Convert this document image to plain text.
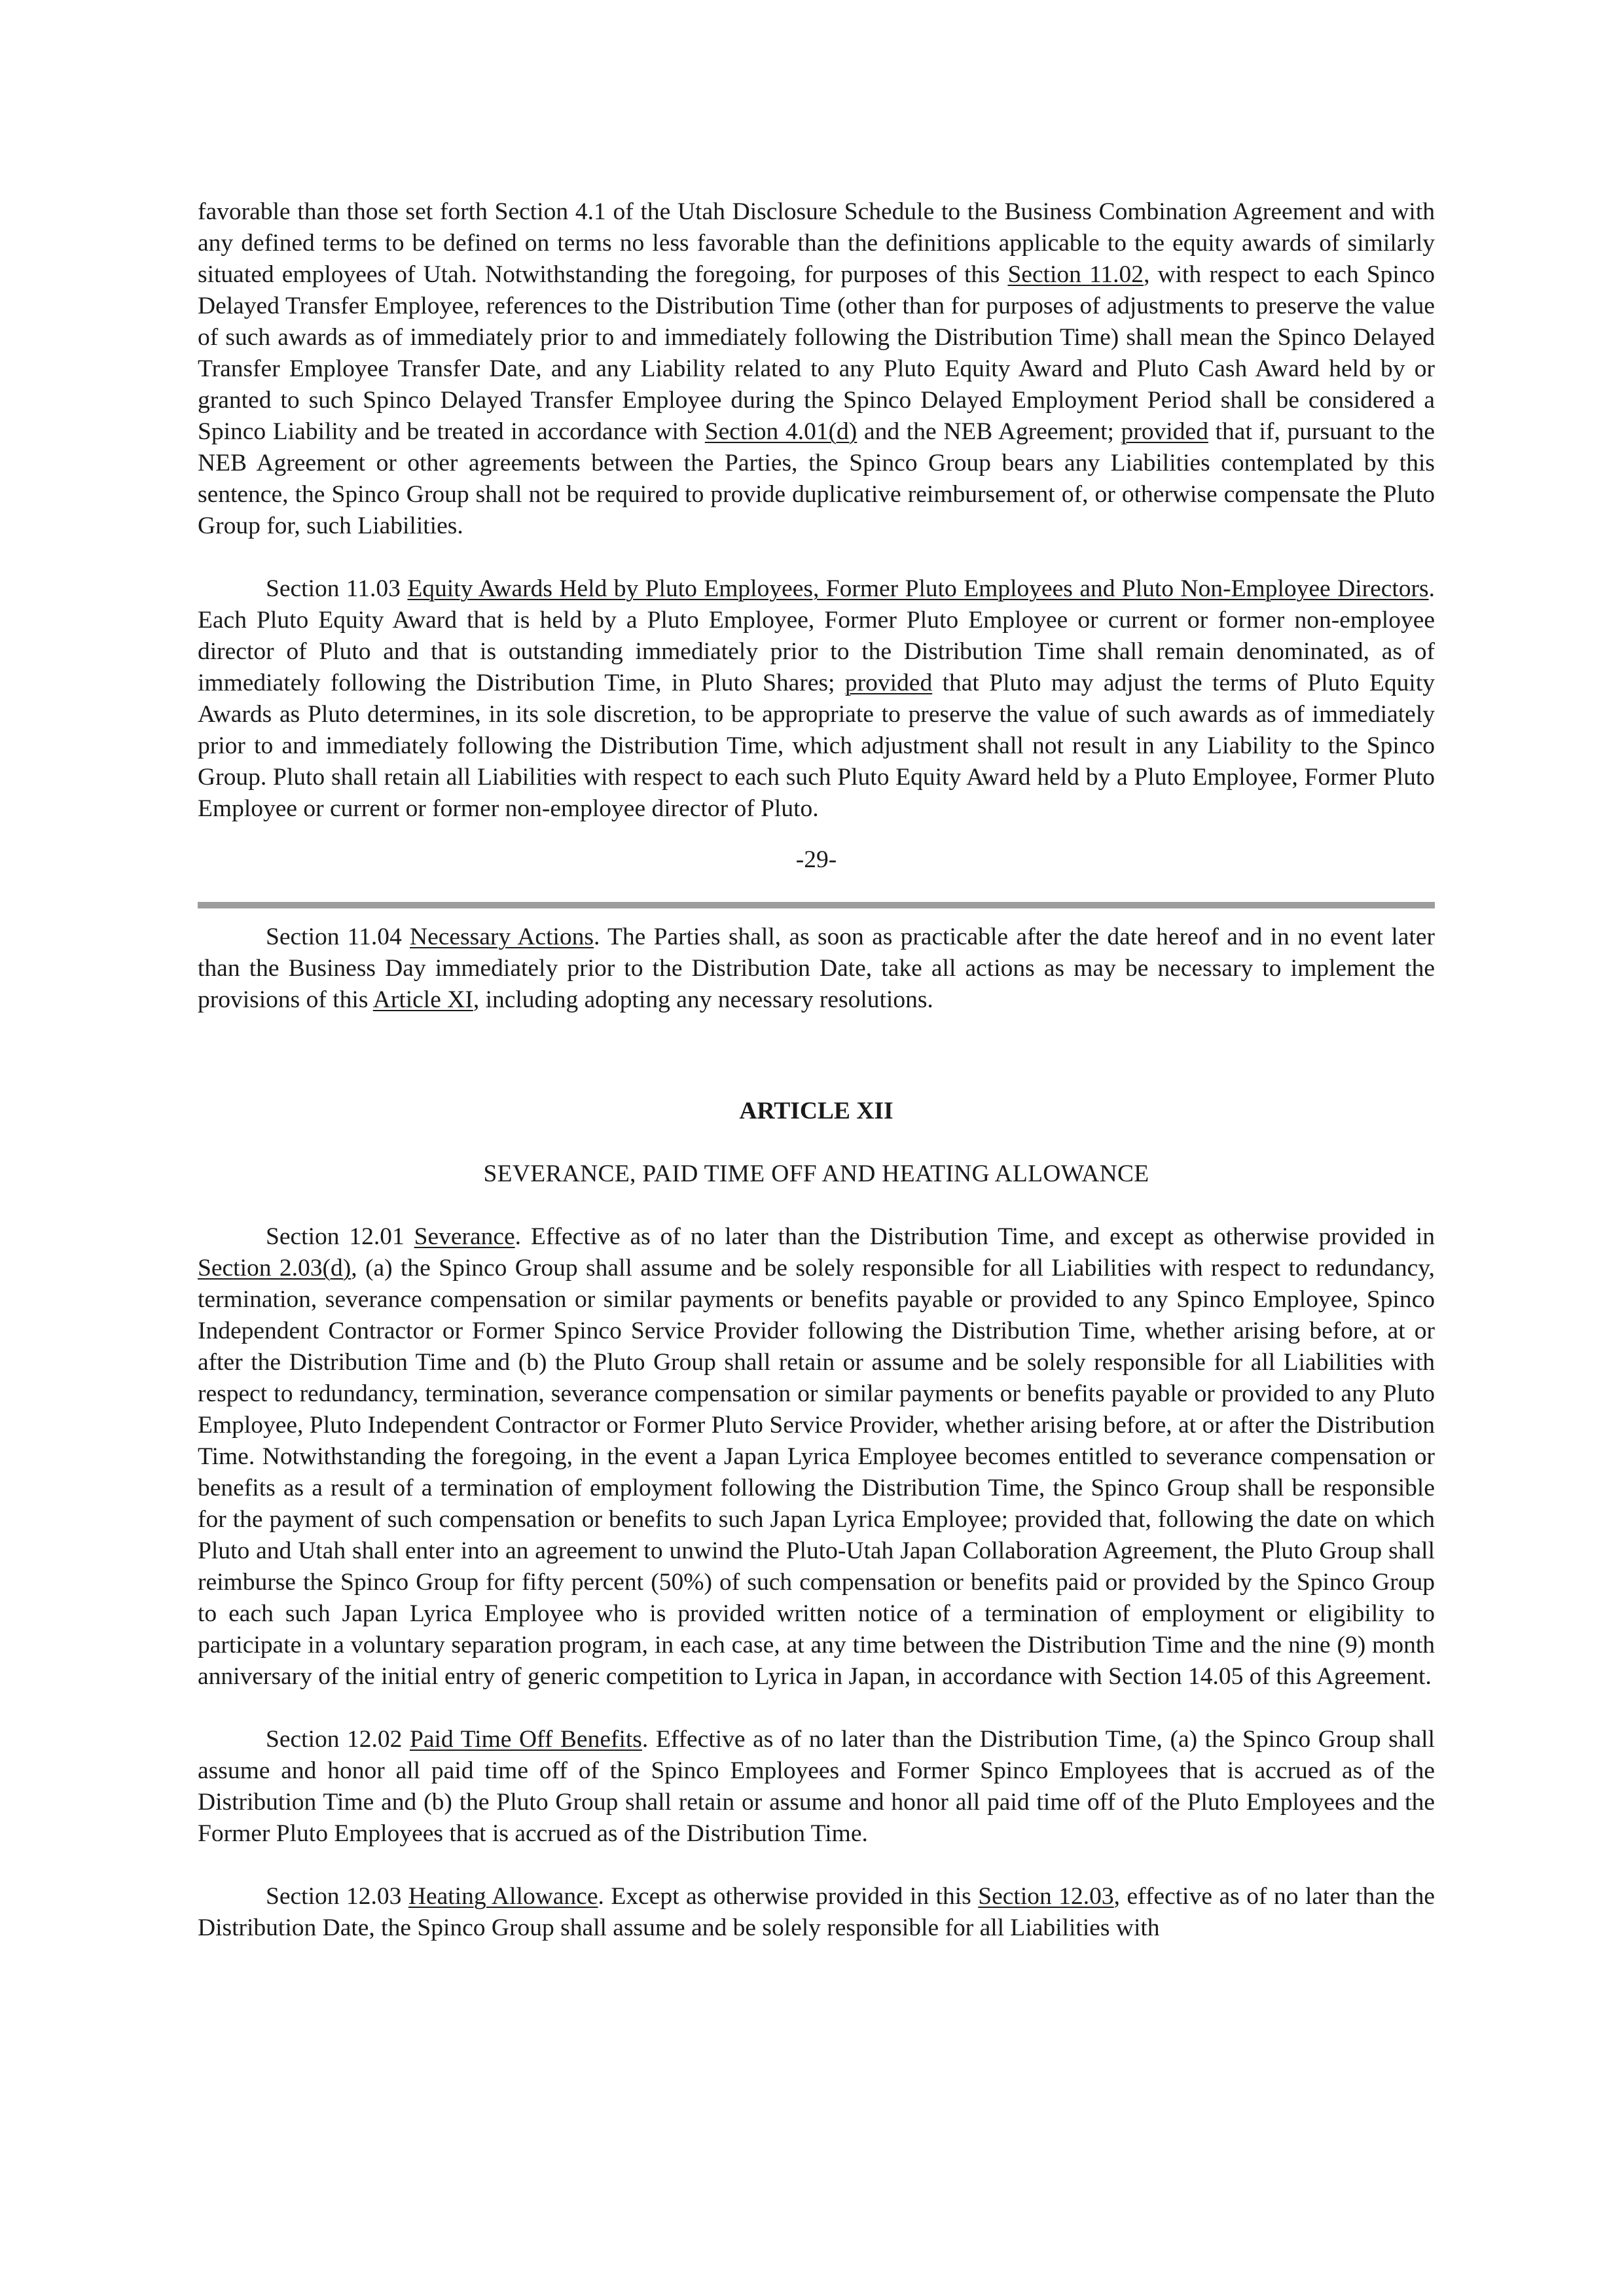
favorable than those set forth Section 4.1 of the Utah Disclosure Schedule to the Business Combination Agreement and with any defined terms to be defined on terms no less favorable than the definitions applicable to the equity awards of similarly situated employees of Utah. Notwithstanding the foregoing, for purposes of this Section 11.02, with respect to each Spinco Delayed Transfer Employee, references to the Distribution Time (other than for purposes of adjustments to preserve the value of such awards as of immediately prior to and immediately following the Distribution Time) shall mean the Spinco Delayed Transfer Employee Transfer Date, and any Liability related to any Pluto Equity Award and Pluto Cash Award held by or granted to such Spinco Delayed Transfer Employee during the Spinco Delayed Employment Period shall be considered a Spinco Liability and be treated in accordance with Section 4.01(d) and the NEB Agreement; provided that if, pursuant to the NEB Agreement or other agreements between the Parties, the Spinco Group bears any Liabilities contemplated by this sentence, the Spinco Group shall not be required to provide duplicative reimbursement of, or otherwise compensate the Pluto Group for, such Liabilities.

Section 11.03 Equity Awards Held by Pluto Employees, Former Pluto Employees and Pluto Non-Employee Directors. Each Pluto Equity Award that is held by a Pluto Employee, Former Pluto Employee or current or former non-employee director of Pluto and that is outstanding immediately prior to the Distribution Time shall remain denominated, as of immediately following the Distribution Time, in Pluto Shares; provided that Pluto may adjust the terms of Pluto Equity Awards as Pluto determines, in its sole discretion, to be appropriate to preserve the value of such awards as of immediately prior to and immediately following the Distribution Time, which adjustment shall not result in any Liability to the Spinco Group. Pluto shall retain all Liabilities with respect to each such Pluto Equity Award held by a Pluto Employee, Former Pluto Employee or current or former non-employee director of Pluto.

-29-

Section 11.04 Necessary Actions. The Parties shall, as soon as practicable after the date hereof and in no event later than the Business Day immediately prior to the Distribution Date, take all actions as may be necessary to implement the provisions of this Article XI, including adopting any necessary resolutions.

ARTICLE XII

SEVERANCE, PAID TIME OFF AND HEATING ALLOWANCE

Section 12.01 Severance. Effective as of no later than the Distribution Time, and except as otherwise provided in Section 2.03(d), (a) the Spinco Group shall assume and be solely responsible for all Liabilities with respect to redundancy, termination, severance compensation or similar payments or benefits payable or provided to any Spinco Employee, Spinco Independent Contractor or Former Spinco Service Provider following the Distribution Time, whether arising before, at or after the Distribution Time and (b) the Pluto Group shall retain or assume and be solely responsible for all Liabilities with respect to redundancy, termination, severance compensation or similar payments or benefits payable or provided to any Pluto Employee, Pluto Independent Contractor or Former Pluto Service Provider, whether arising before, at or after the Distribution Time. Notwithstanding the foregoing, in the event a Japan Lyrica Employee becomes entitled to severance compensation or benefits as a result of a termination of employment following the Distribution Time, the Spinco Group shall be responsible for the payment of such compensation or benefits to such Japan Lyrica Employee; provided that, following the date on which Pluto and Utah shall enter into an agreement to unwind the Pluto-Utah Japan Collaboration Agreement, the Pluto Group shall reimburse the Spinco Group for fifty percent (50%) of such compensation or benefits paid or provided by the Spinco Group to each such Japan Lyrica Employee who is provided written notice of a termination of employment or eligibility to participate in a voluntary separation program, in each case, at any time between the Distribution Time and the nine (9) month anniversary of the initial entry of generic competition to Lyrica in Japan, in accordance with Section 14.05 of this Agreement.

Section 12.02 Paid Time Off Benefits. Effective as of no later than the Distribution Time, (a) the Spinco Group shall assume and honor all paid time off of the Spinco Employees and Former Spinco Employees that is accrued as of the Distribution Time and (b) the Pluto Group shall retain or assume and honor all paid time off of the Pluto Employees and the Former Pluto Employees that is accrued as of the Distribution Time.

Section 12.03 Heating Allowance. Except as otherwise provided in this Section 12.03, effective as of no later than the Distribution Date, the Spinco Group shall assume and be solely responsible for all Liabilities with
